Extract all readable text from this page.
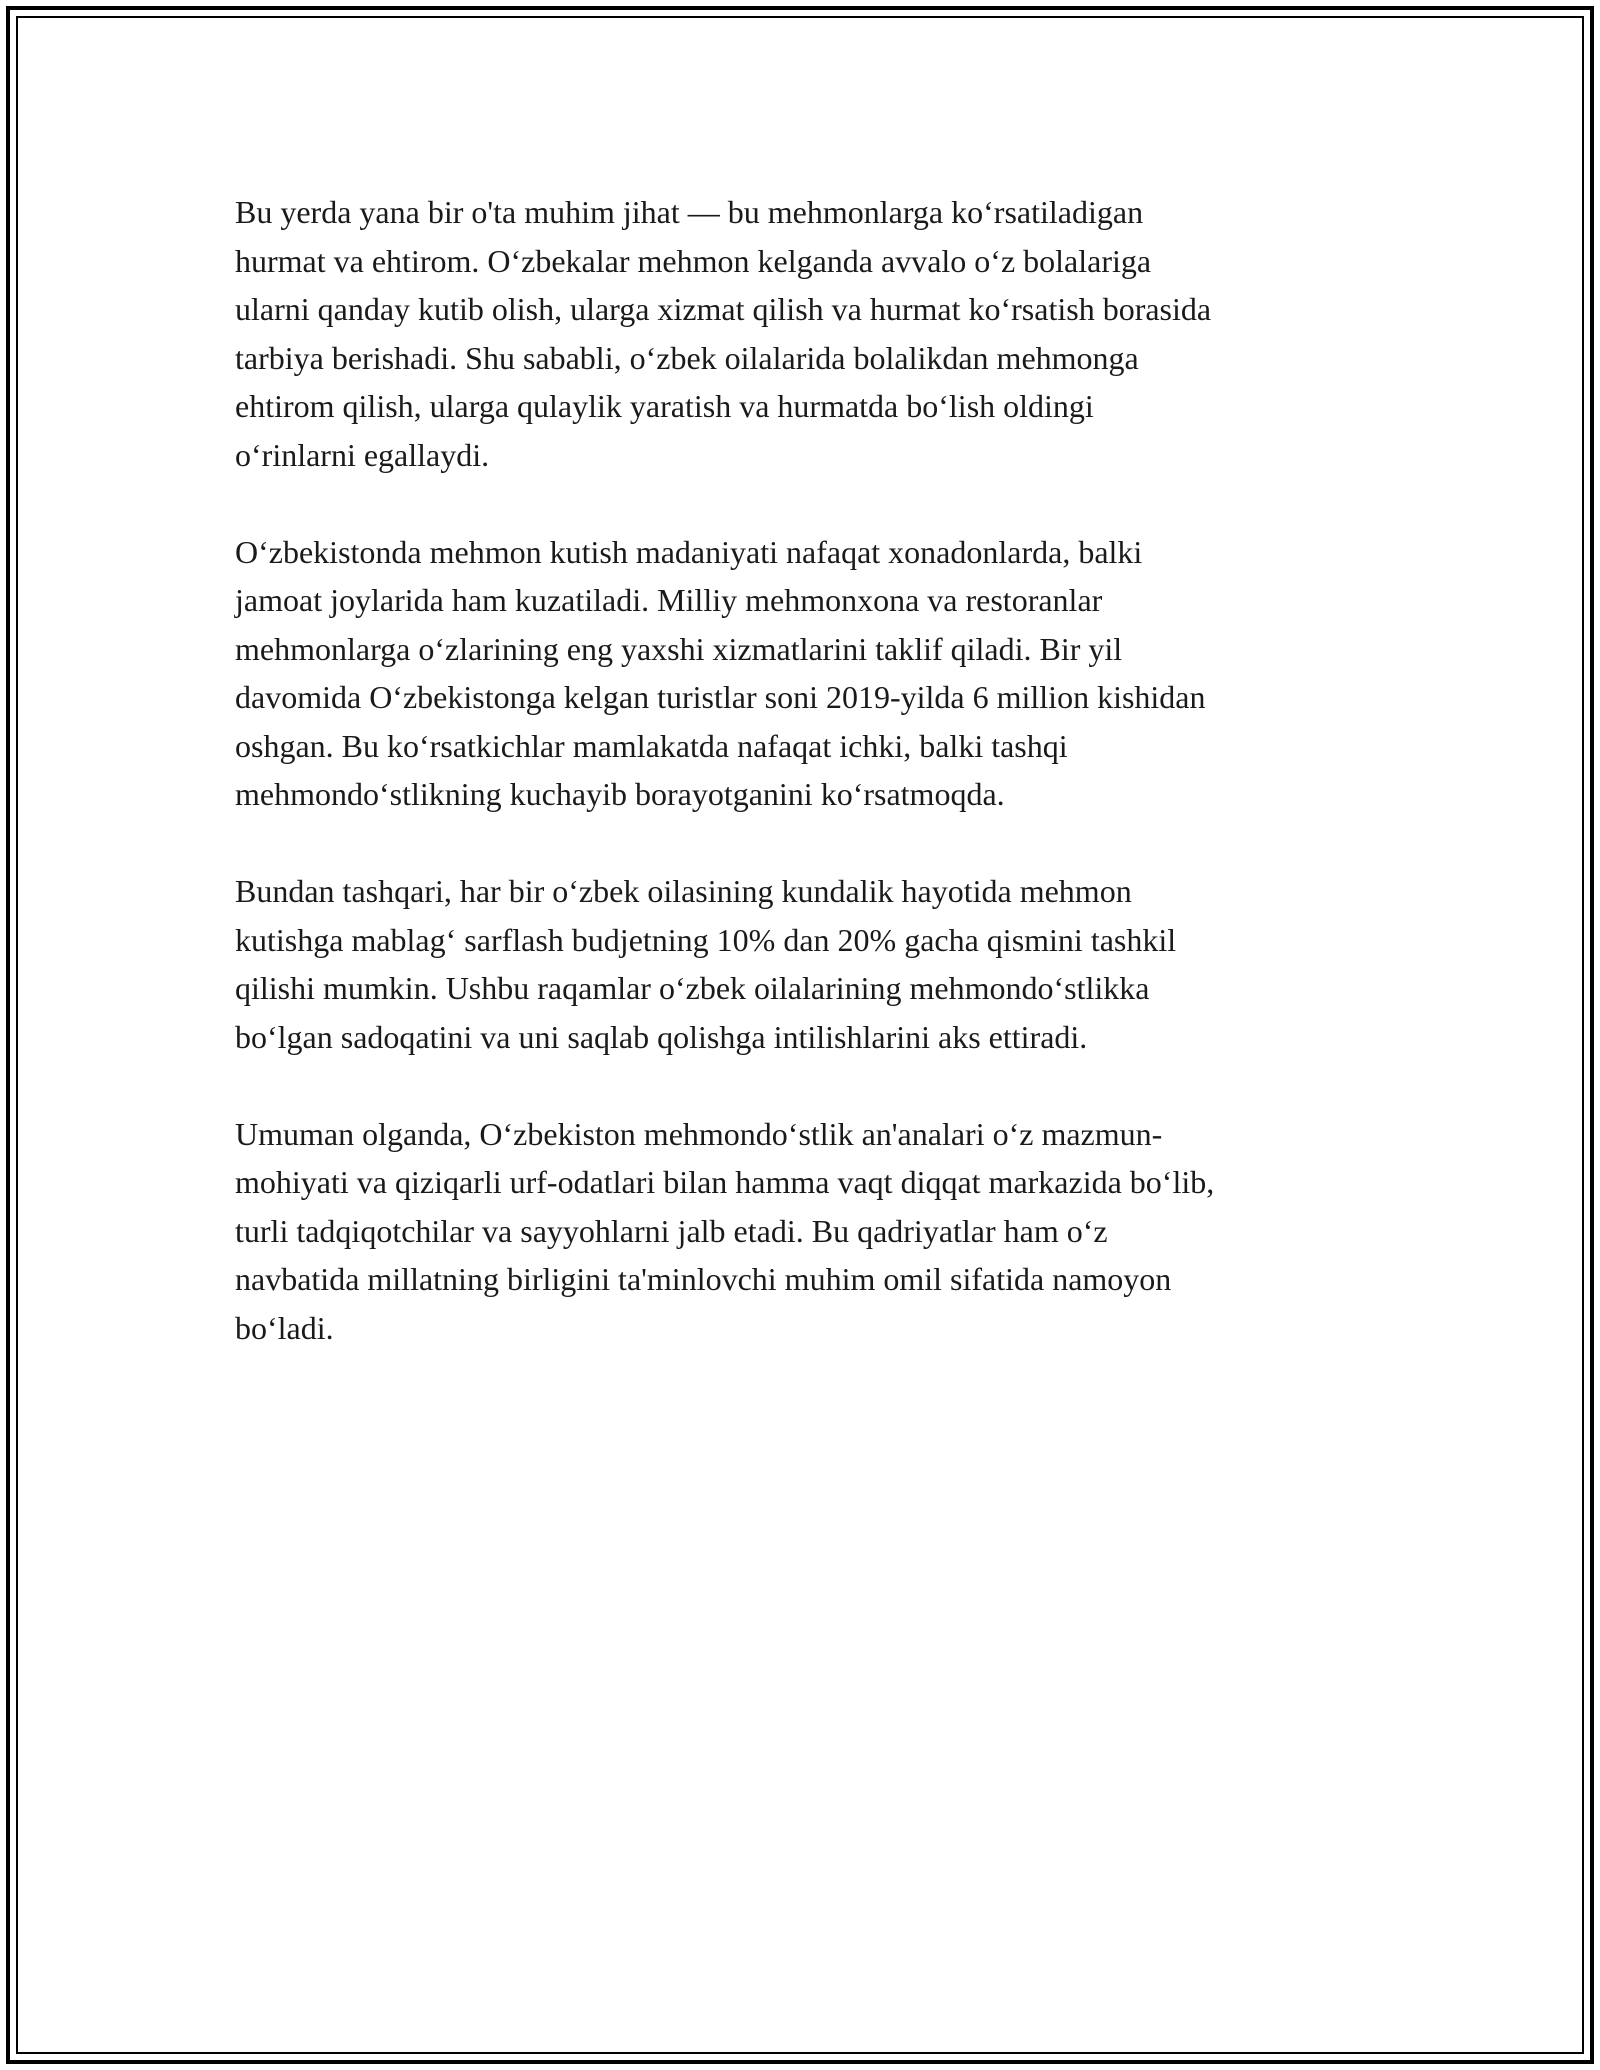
Bu yerda yana bir o'ta muhim jihat — bu mehmonlarga koʻrsatiladigan
hurmat va ehtirom. Oʻzbekalar mehmon kelganda avvalo oʻz bolalariga
ularni qanday kutib olish, ularga xizmat qilish va hurmat koʻrsatish borasida
tarbiya berishadi. Shu sababli, oʻzbek oilalarida bolalikdan mehmonga
ehtirom qilish, ularga qulaylik yaratish va hurmatda boʻlish oldingi
oʻrinlarni egallaydi.

Oʻzbekistonda mehmon kutish madaniyati nafaqat xonadonlarda, balki
jamoat joylarida ham kuzatiladi. Milliy mehmonxona va restoranlar
mehmonlarga oʻzlarining eng yaxshi xizmatlarini taklif qiladi. Bir yil
davomida Oʻzbekistonga kelgan turistlar soni 2019-yilda 6 million kishidan
oshgan. Bu koʻrsatkichlar mamlakatda nafaqat ichki, balki tashqi
mehmondoʻstlikning kuchayib borayotganini koʻrsatmoqda.

Bundan tashqari, har bir oʻzbek oilasining kundalik hayotida mehmon
kutishga mablagʻ sarflash budjetning 10% dan 20% gacha qismini tashkil
qilishi mumkin. Ushbu raqamlar oʻzbek oilalarining mehmondoʻstlikka
boʻlgan sadoqatini va uni saqlab qolishga intilishlarini aks ettiradi.

Umuman olganda, Oʻzbekiston mehmondoʻstlik an'analari oʻz mazmun-
mohiyati va qiziqarli urf-odatlari bilan hamma vaqt diqqat markazida boʻlib,
turli tadqiqotchilar va sayyohlarni jalb etadi. Bu qadriyatlar ham oʻz
navbatida millatning birligini ta'minlovchi muhim omil sifatida namoyon
boʻladi.
